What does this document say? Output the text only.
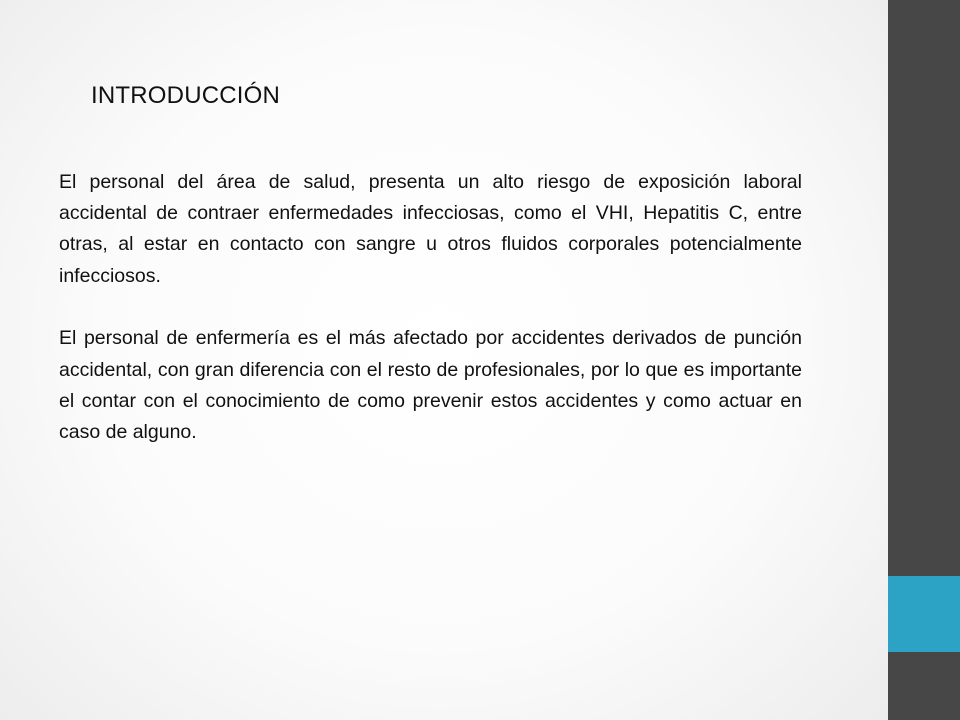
INTRODUCCIÓN

El personal del área de salud, presenta un alto riesgo de exposición laboral accidental de contraer enfermedades infecciosas, como el VHI, Hepatitis C, entre otras, al estar en contacto con sangre u otros fluidos corporales potencialmente infecciosos.

El personal de enfermería es el más afectado por accidentes derivados de punción accidental, con gran diferencia con el resto de profesionales, por lo que es importante el contar con el conocimiento de como prevenir estos accidentes y como actuar en caso de alguno.
